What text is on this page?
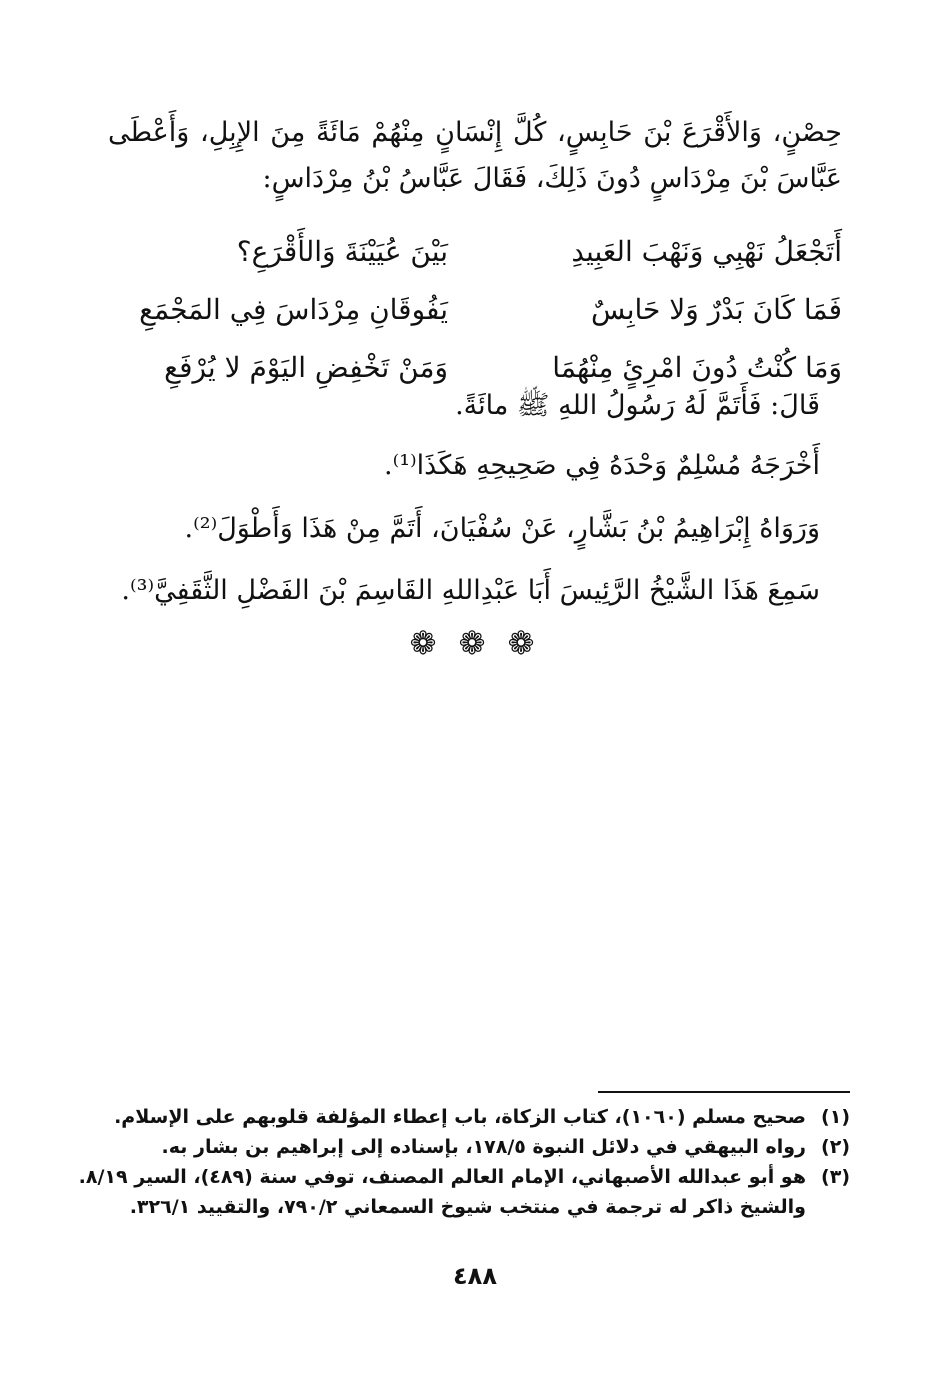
حِصْنٍ، وَالأَقْرَعَ بْنَ حَابِسٍ، كُلَّ إِنْسَانٍ مِنْهُمْ مَائَةً مِنَ الإِبِلِ، وَأَعْطَى عَبَّاسَ بْنَ مِرْدَاسٍ دُونَ ذَلِكَ، فَقَالَ عَبَّاسُ بْنُ مِرْدَاسٍ:
أَتَجْعَلُ نَهْبِي وَنَهْبَ العَبِيدِ
بَيْنَ عُيَيْنَةَ وَالأَقْرَعِ؟
فَمَا كَانَ بَدْرٌ وَلا حَابِسٌ
يَفُوقَانِ مِرْدَاسَ فِي المَجْمَعِ
وَمَا كُنْتُ دُونَ امْرِئٍ مِنْهُمَا
وَمَنْ تَخْفِضِ اليَوْمَ لا يُرْفَعِ
قَالَ: فَأَتَمَّ لَهُ رَسُولُ اللهِ ﷺ مائَةً.
أَخْرَجَهُ مُسْلِمٌ وَحْدَهُ فِي صَحِيحِهِ هَكَذَا⁽¹⁾.
وَرَوَاهُ إِبْرَاهِيمُ بْنُ بَشَّارٍ، عَنْ سُفْيَانَ، أَتَمَّ مِنْ هَذَا وَأَطْوَلَ⁽²⁾.
سَمِعَ هَذَا الشَّيْخُ الرَّئِيسَ أَبَا عَبْدِاللهِ القَاسِمَ بْنَ الفَضْلِ الثَّقَفِيَّ⁽³⁾.
❁ ❁ ❁
(١)
صحيح مسلم (١٠٦٠)، كتاب الزكاة، باب إعطاء المؤلفة قلوبهم على الإسلام.
(٢)
رواه البيهقي في دلائل النبوة ١٧٨/٥، بإسناده إلى إبراهيم بن بشار به.
(٣)
هو أبو عبدالله الأصبهاني، الإمام العالم المصنف، توفي سنة (٤٨٩)، السير ٨/١٩.
والشيخ ذاكر له ترجمة في منتخب شيوخ السمعاني ٧٩٠/٢، والتقييد ٣٢٦/١.
٤٨٨
